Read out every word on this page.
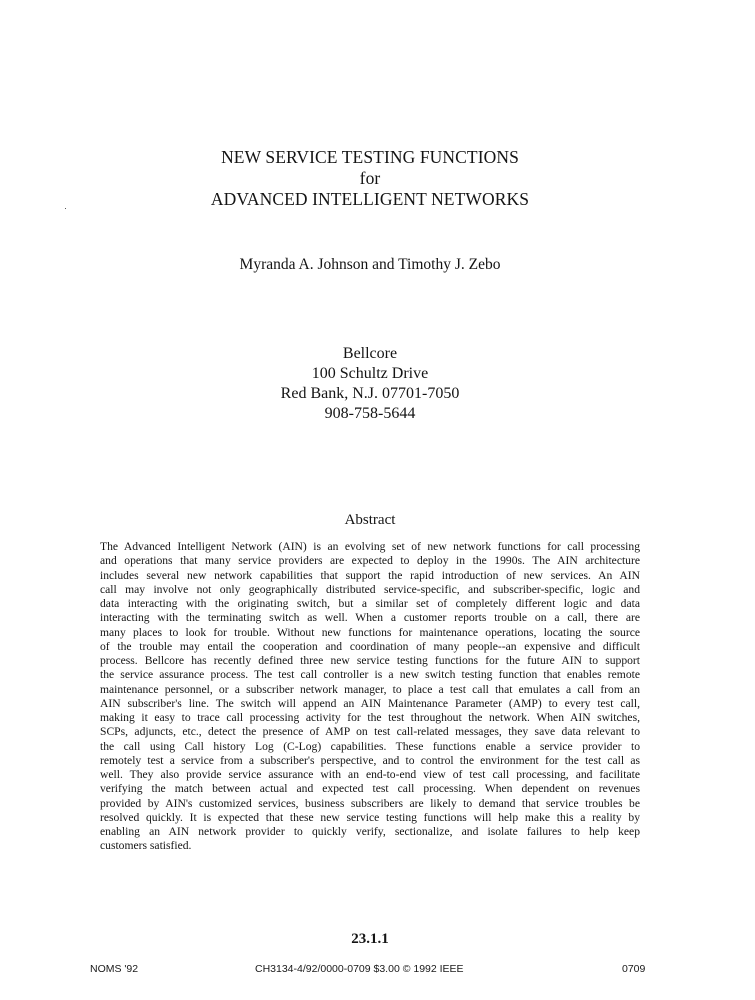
NEW SERVICE TESTING FUNCTIONS
for
ADVANCED INTELLIGENT NETWORKS
Myranda A. Johnson and Timothy J. Zebo
Bellcore
100 Schultz Drive
Red Bank, N.J. 07701-7050
908-758-5644
Abstract
The Advanced Intelligent Network (AIN) is an evolving set of new network functions for call processing
and operations that many service providers are expected to deploy in the 1990s. The AIN architecture
includes several new network capabilities that support the rapid introduction of new services. An AIN
call may involve not only geographically distributed service-specific, and subscriber-specific, logic and
data interacting with the originating switch, but a similar set of completely different logic and data
interacting with the terminating switch as well. When a customer reports trouble on a call, there are
many places to look for trouble. Without new functions for maintenance operations, locating the source
of the trouble may entail the cooperation and coordination of many people--an expensive and difficult
process. Bellcore has recently defined three new service testing functions for the future AIN to support
the service assurance process. The test call controller is a new switch testing function that enables remote
maintenance personnel, or a subscriber network manager, to place a test call that emulates a call from an
AIN subscriber's line. The switch will append an AIN Maintenance Parameter (AMP) to every test call,
making it easy to trace call processing activity for the test throughout the network. When AIN switches,
SCPs, adjuncts, etc., detect the presence of AMP on test call-related messages, they save data relevant to
the call using Call history Log (C-Log) capabilities. These functions enable a service provider to
remotely test a service from a subscriber's perspective, and to control the environment for the test call as
well. They also provide service assurance with an end-to-end view of test call processing, and facilitate
verifying the match between actual and expected test call processing. When dependent on revenues
provided by AIN's customized services, business subscribers are likely to demand that service troubles be
resolved quickly. It is expected that these new service testing functions will help make this a reality by
enabling an AIN network provider to quickly verify, sectionalize, and isolate failures to help keep
customers satisfied.
23.1.1
NOMS '92	CH3134-4/92/0000-0709 $3.00 © 1992 IEEE	0709
